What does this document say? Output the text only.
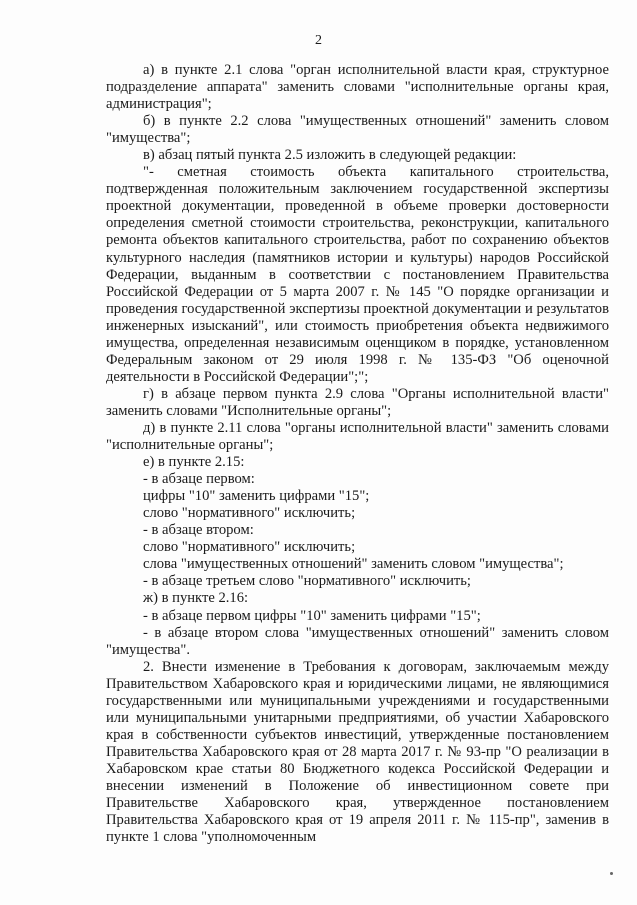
2

а) в пункте 2.1 слова "орган исполнительной власти края, структурное подразделение аппарата" заменить словами "исполнительные органы края, администрация";

б) в пункте 2.2 слова "имущественных отношений" заменить словом "имущества";

в) абзац пятый пункта 2.5 изложить в следующей редакции:

"- сметная стоимость объекта капитального строительства, подтвержденная положительным заключением государственной экспертизы проектной документации, проведенной в объеме проверки достоверности определения сметной стоимости строительства, реконструкции, капитального ремонта объектов капитального строительства, работ по сохранению объектов культурного наследия (памятников истории и культуры) народов Российской Федерации, выданным в соответствии с постановлением Правительства Российской Федерации от 5 марта 2007 г. № 145 "О порядке организации и проведения государственной экспертизы проектной документации и результатов инженерных изысканий", или стоимость приобретения объекта недвижимого имущества, определенная независимым оценщиком в порядке, установленном Федеральным законом от 29 июля 1998 г. № 135-ФЗ "Об оценочной деятельности в Российской Федерации";";

г) в абзаце первом пункта 2.9 слова "Органы исполнительной власти" заменить словами "Исполнительные органы";

д) в пункте 2.11 слова "органы исполнительной власти" заменить словами "исполнительные органы";

е) в пункте 2.15:

- в абзаце первом:

цифры "10" заменить цифрами "15";

слово "нормативного" исключить;

- в абзаце втором:

слово "нормативного" исключить;

слова "имущественных отношений" заменить словом "имущества";

- в абзаце третьем слово "нормативного" исключить;

ж) в пункте 2.16:

- в абзаце первом цифры "10" заменить цифрами "15";

- в абзаце втором слова "имущественных отношений" заменить словом "имущества".

2. Внести изменение в Требования к договорам, заключаемым между Правительством Хабаровского края и юридическими лицами, не являющимися государственными или муниципальными учреждениями и государственными или муниципальными унитарными предприятиями, об участии Хабаровского края в собственности субъектов инвестиций, утвержденные постановлением Правительства Хабаровского края от 28 марта 2017 г. № 93-пр "О реализации в Хабаровском крае статьи 80 Бюджетного кодекса Российской Федерации и внесении изменений в Положение об инвестиционном совете при Правительстве Хабаровского края, утвержденное постановлением Правительства Хабаровского края от 19 апреля 2011 г. № 115-пр", заменив в пункте 1 слова "уполномоченным
